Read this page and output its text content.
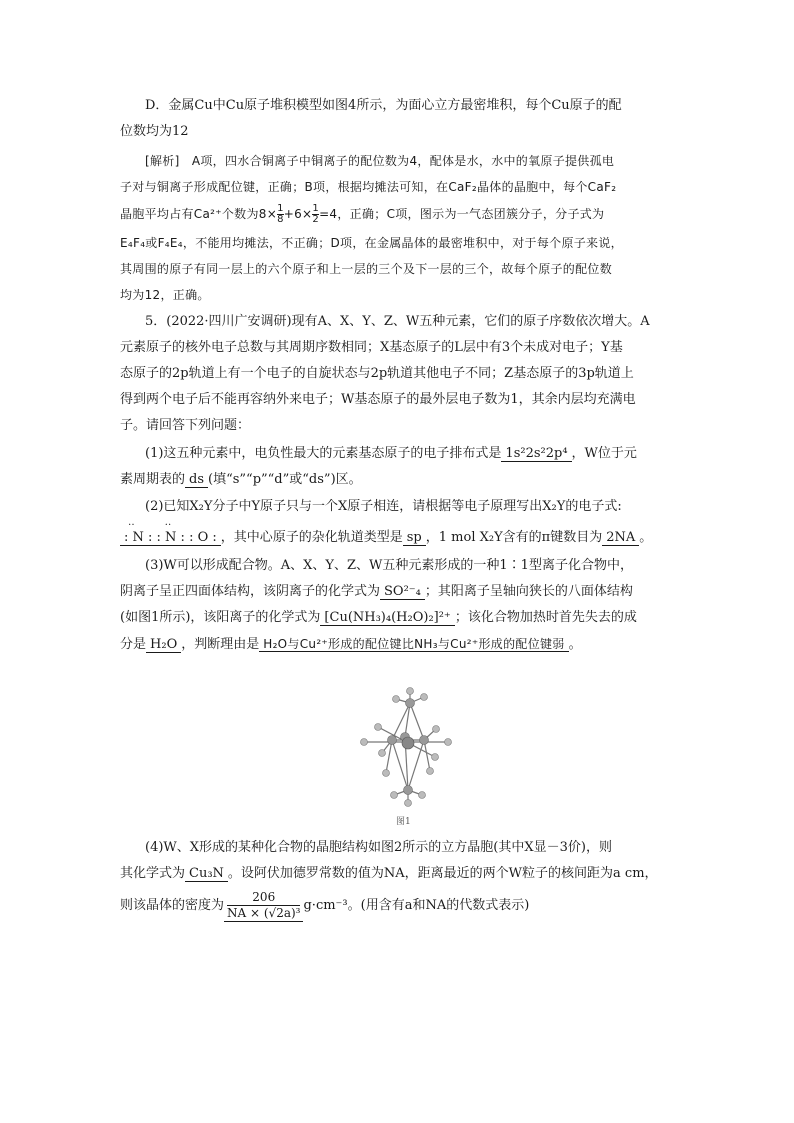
D．金属Cu中Cu原子堆积模型如图4所示，为面心立方最密堆积，每个Cu原子的配
位数均为12
[解析]　A项，四水合铜离子中铜离子的配位数为4，配体是水，水中的氧原子提供孤电
子对与铜离子形成配位键，正确；B项，根据均摊法可知，在CaF₂晶体的晶胞中，每个CaF₂
晶胞平均占有Ca²⁺个数为$8\times \frac{1}{8} +6\times \frac{1}{2} =4$，正确；C项，图示为一气态团簇分子，分子式为
E₄F₄或F₄E₄，不能用均摊法，不正确；D项，在金属晶体的最密堆积中，对于每个原子来说，
其周围的原子有同一层上的六个原子和上一层的三个及下一层的三个，故每个原子的配位数
均为12，正确。
5．(2022·四川广安调研)现有A、X、Y、Z、W五种元素，它们的原子序数依次增大。A
元素原子的核外电子总数与其周期序数相同；X基态原子的L层中有3个未成对电子；Y基
态原子的2p轨道上有一个电子的自旋状态与2p轨道其他电子不同；Z基态原子的3p轨道上
得到两个电子后不能再容纳外来电子；W基态原子的最外层电子数为1，其余内层均充满电
子。请回答下列问题：
(1)这五种元素中，电负性最大的元素基态原子的电子排布式是 1s²2s²2p⁴ ，W位于元
素周期表的 ds (填“s”“p”“d”或“ds”)区。
(2)已知X₂Y分子中Y原子只与一个X原子相连，请根据等电子原理写出X₂Y的电子式:
‥　　　‥
: N : : N : : O : ，其中心原子的杂化轨道类型是 sp ，1 mol X₂Y含有的π键数目为 2NA 。
(3)W可以形成配合物。A、X、Y、Z、W五种元素形成的一种1∶1型离子化合物中，
阴离子呈正四面体结构，该阴离子的化学式为 SO²⁻₄ ；其阳离子呈轴向狭长的八面体结构
(如图1所示)，该阳离子的化学式为 [Cu(NH₃)₄(H₂O)₂]²⁺ ；该化合物加热时首先失去的成
分是 H₂O ，判断理由是 H₂O与Cu²⁺形成的配位键比NH₃与Cu²⁺形成的配位键弱 。
图1
(4)W、X形成的某种化合物的晶胞结构如图2所示的立方晶胞(其中X显－3价)，则
其化学式为 Cu₃N 。设阿伏加德罗常数的值为NA，距离最近的两个W粒子的核间距为a cm，
则该晶体的密度为 $\frac{206}{\text{NA × (√2a)³}} g\cdot cm^{-3}$。(用含有a和NA的代数式表示)
